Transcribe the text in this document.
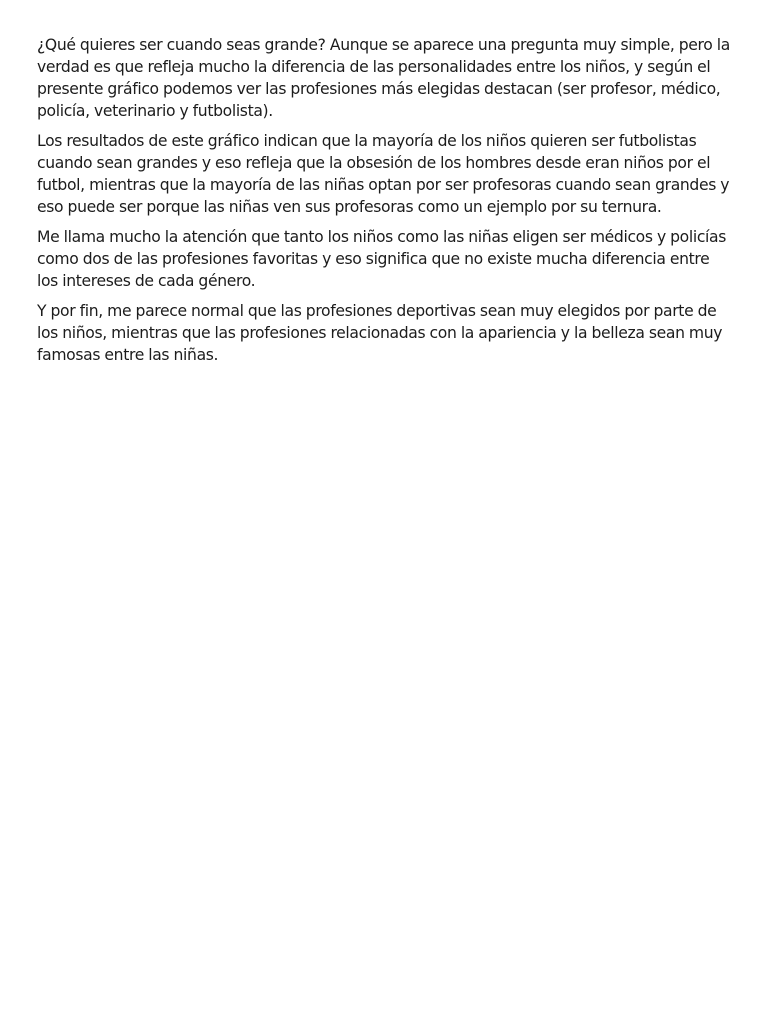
¿Qué quieres ser cuando seas grande? Aunque se aparece una pregunta muy simple, pero la verdad es que refleja mucho la diferencia de las personalidades entre los niños, y según el presente gráfico podemos ver las profesiones más elegidas destacan (ser profesor, médico, policía, veterinario y futbolista).

Los resultados de este gráfico indican que la mayoría de los niños quieren ser futbolistas cuando sean grandes y eso refleja que la obsesión de los hombres desde eran niños por el futbol, mientras que la mayoría de las niñas optan por ser profesoras cuando sean grandes y eso puede ser porque las niñas ven sus profesoras como un ejemplo por su ternura.

Me llama mucho la atención que tanto los niños como las niñas eligen ser médicos y policías como dos de las profesiones favoritas y eso significa que no existe mucha diferencia entre los intereses de cada género.

Y por fin, me parece normal que las profesiones deportivas sean muy elegidos por parte de los niños, mientras que las profesiones relacionadas con la apariencia y la belleza sean muy famosas entre las niñas.
